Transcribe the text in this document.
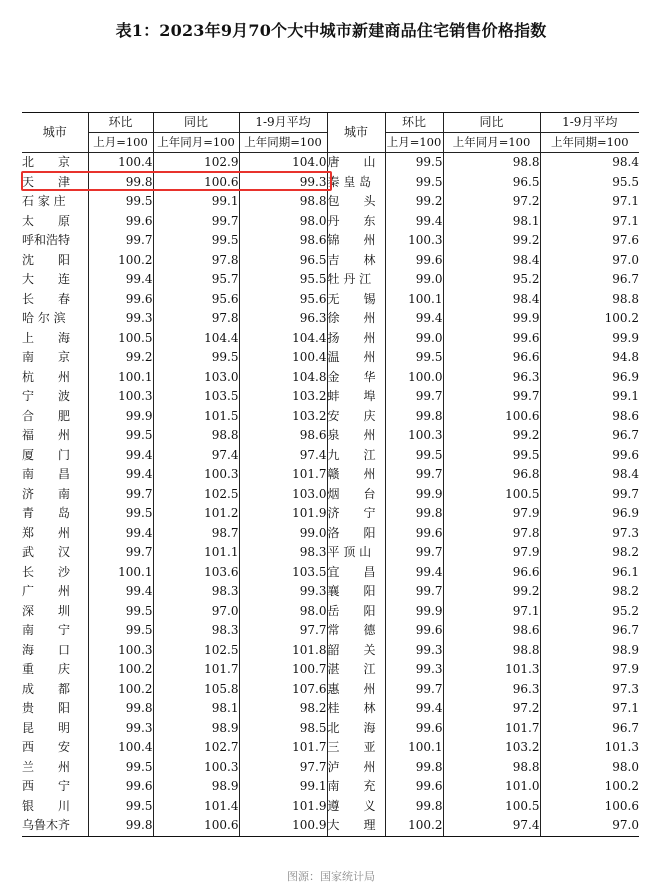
表1：2023年9月70个大中城市新建商品住宅销售价格指数
城市	环比	同比	1-9月平均	城市	环比	同比	1-9月平均
	上月=100	上年同月=100	上年同期=100		上月=100	上年同月=100	上年同期=100
北　　京	100.4	102.9	104.0	唐　　山	99.5	98.8	98.4
天　　津	99.8	100.6	99.3	秦 皇 岛	99.5	96.5	95.5
石 家 庄	99.5	99.1	98.8	包　　头	99.2	97.2	97.1
太　　原	99.6	99.7	98.0	丹　　东	99.4	98.1	97.1
呼和浩特	99.7	99.5	98.6	锦　　州	100.3	99.2	97.6
沈　　阳	100.2	97.8	96.5	吉　　林	99.6	98.4	97.0
大　　连	99.4	95.7	95.5	牡 丹 江	99.0	95.2	96.7
长　　春	99.6	95.6	95.6	无　　锡	100.1	98.4	98.8
哈 尔 滨	99.3	97.8	96.3	徐　　州	99.4	99.9	100.2
上　　海	100.5	104.4	104.4	扬　　州	99.0	99.6	99.9
南　　京	99.2	99.5	100.4	温　　州	99.5	96.6	94.8
杭　　州	100.1	103.0	104.8	金　　华	100.0	96.3	96.9
宁　　波	100.3	103.5	103.2	蚌　　埠	99.7	99.7	99.1
合　　肥	99.9	101.5	103.2	安　　庆	99.8	100.6	98.6
福　　州	99.5	98.8	98.6	泉　　州	100.3	99.2	96.7
厦　　门	99.4	97.4	97.4	九　　江	99.5	99.5	99.6
南　　昌	99.4	100.3	101.7	赣　　州	99.7	96.8	98.4
济　　南	99.7	102.5	103.0	烟　　台	99.9	100.5	99.7
青　　岛	99.5	101.2	101.9	济　　宁	99.8	97.9	96.9
郑　　州	99.4	98.7	99.0	洛　　阳	99.6	97.8	97.3
武　　汉	99.7	101.1	98.3	平 顶 山	99.7	97.9	98.2
长　　沙	100.1	103.6	103.5	宜　　昌	99.4	96.6	96.1
广　　州	99.4	98.3	99.3	襄　　阳	99.7	99.2	98.2
深　　圳	99.5	97.0	98.0	岳　　阳	99.9	97.1	95.2
南　　宁	99.5	98.3	97.7	常　　德	99.6	98.6	96.7
海　　口	100.3	102.5	101.8	韶　　关	99.3	98.8	98.9
重　　庆	100.2	101.7	100.7	湛　　江	99.3	101.3	97.9
成　　都	100.2	105.8	107.6	惠　　州	99.7	96.3	97.3
贵　　阳	99.8	98.1	98.2	桂　　林	99.4	97.2	97.1
昆　　明	99.3	98.9	98.5	北　　海	99.6	101.7	96.7
西　　安	100.4	102.7	101.7	三　　亚	100.1	103.2	101.3
兰　　州	99.5	100.3	97.7	泸　　州	99.8	98.8	98.0
西　　宁	99.6	98.9	99.1	南　　充	99.6	101.0	100.2
银　　川	99.5	101.4	101.9	遵　　义	99.8	100.5	100.6
乌鲁木齐	99.8	100.6	100.9	大　　理	100.2	97.4	97.0
图源：国家统计局
